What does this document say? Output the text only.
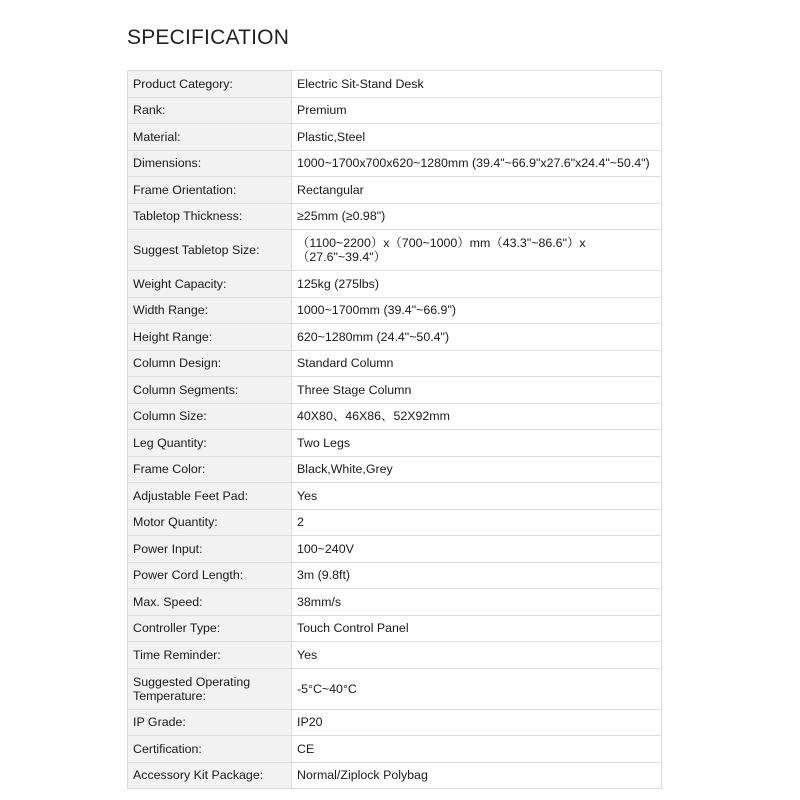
SPECIFICATION
Product Category:	Electric Sit-Stand Desk
Rank:	Premium
Material:	Plastic,Steel
Dimensions:	1000~1700x700x620~1280mm (39.4"~66.9"x27.6"x24.4"~50.4")
Frame Orientation:	Rectangular
Tabletop Thickness:	≥25mm (≥0.98")
Suggest Tabletop Size:	（1100~2200）x（700~1000）mm（43.3"~86.6"）x（27.6"~39.4"）
Weight Capacity:	125kg (275lbs)
Width Range:	1000~1700mm (39.4"~66.9")
Height Range:	620~1280mm (24.4"~50.4")
Column Design:	Standard Column
Column Segments:	Three Stage Column
Column Size:	40X80、46X86、52X92mm
Leg Quantity:	Two Legs
Frame Color:	Black,White,Grey
Adjustable Feet Pad:	Yes
Motor Quantity:	2
Power Input:	100~240V
Power Cord Length:	3m (9.8ft)
Max. Speed:	38mm/s
Controller Type:	Touch Control Panel
Time Reminder:	Yes
Suggested Operating Temperature:	-5°C~40°C
IP Grade:	IP20
Certification:	CE
Accessory Kit Package:	Normal/Ziplock Polybag
